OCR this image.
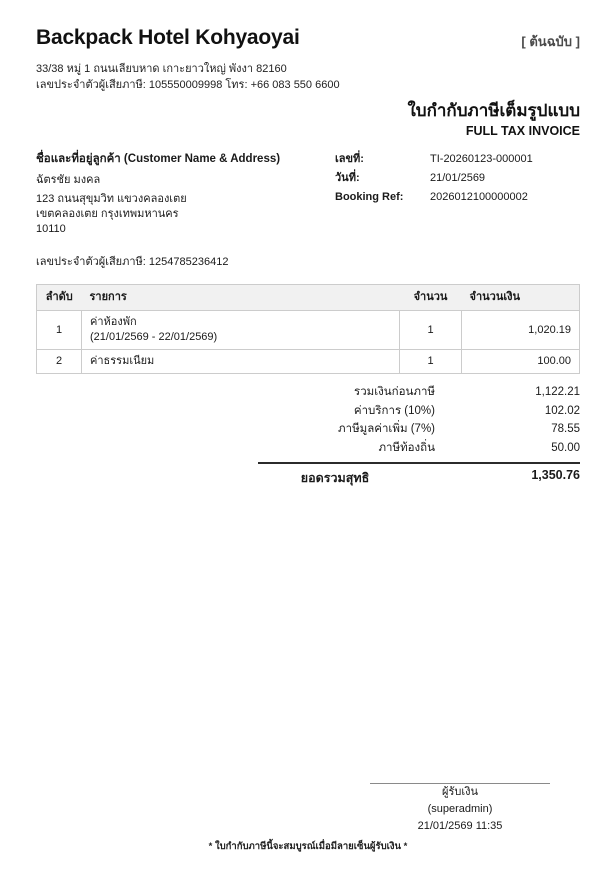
Backpack Hotel Kohyaoyai	[ ต้นฉบับ ]
33/38 หมู่ 1 ถนนเลียบหาด เกาะยาวใหญ่ พังงา 82160
เลขประจำตัวผู้เสียภาษี: 105550009998 โทร: +66 083 550 6600
ใบกำกับภาษีเต็มรูปแบบ
FULL TAX INVOICE
ชื่อและที่อยู่ลูกค้า (Customer Name & Address)
ฉัตรชัย มงคล
123 ถนนสุขุมวิท แขวงคลองเตย
เขตคลองเตย กรุงเทพมหานคร
10110
เลขที่:	TI-20260123-000001
วันที่:	21/01/2569
Booking Ref:	2026012100000002
เลขประจำตัวผู้เสียภาษี: 1254785236412
ลำดับ	รายการ	จำนวน	จำนวนเงิน
1	ค่าห้องพัก
(21/01/2569 - 22/01/2569)	1	1,020.19
2	ค่าธรรมเนียม	1	100.00
รวมเงินก่อนภาษี	1,122.21
ค่าบริการ (10%)	102.02
ภาษีมูลค่าเพิ่ม (7%)	78.55
ภาษีท้องถิ่น	50.00
ยอดรวมสุทธิ	1,350.76
ผู้รับเงิน
(superadmin)
21/01/2569 11:35
* ใบกำกับภาษีนี้จะสมบูรณ์เมื่อมีลายเซ็นผู้รับเงิน *
